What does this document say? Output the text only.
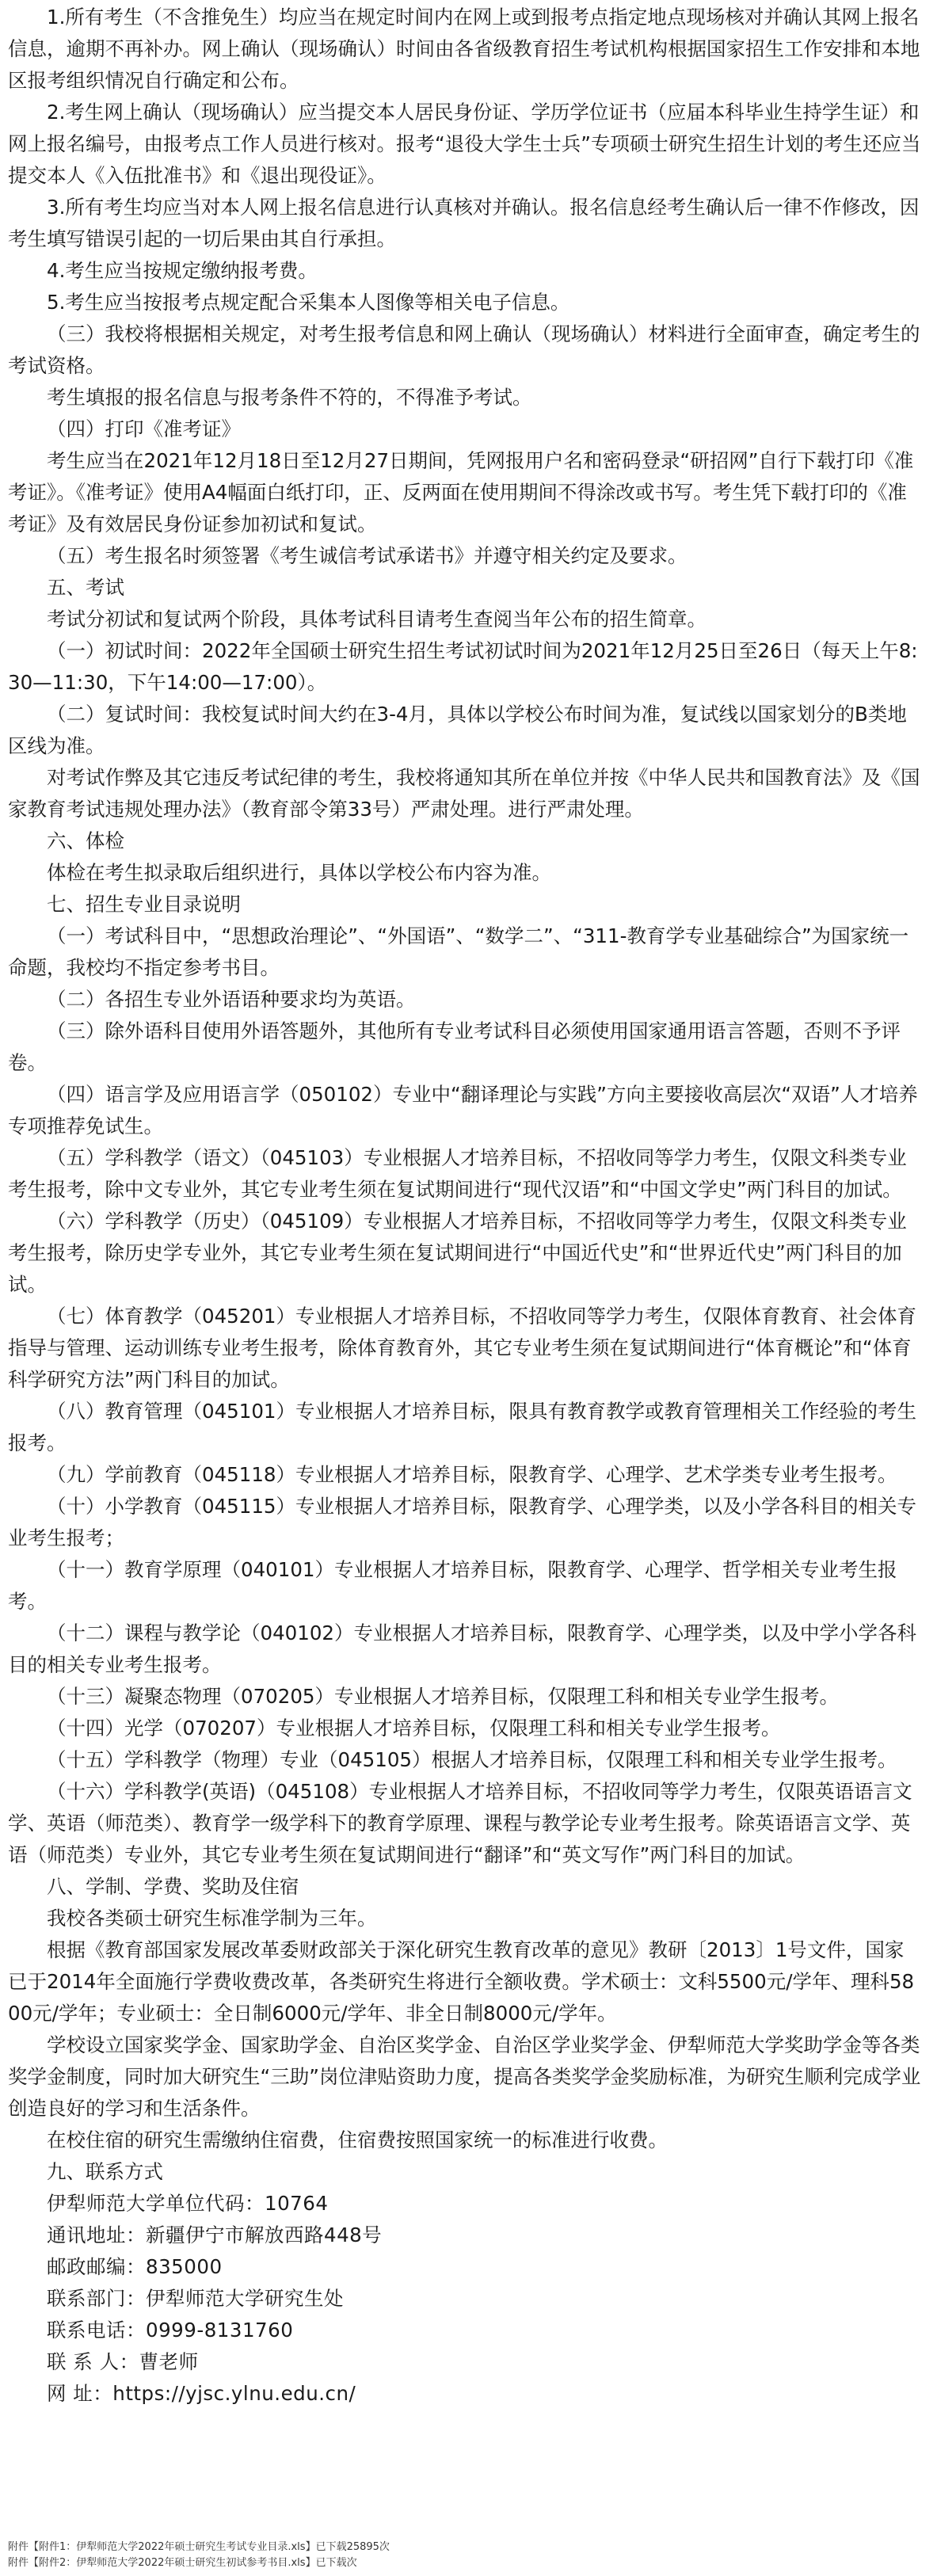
1.所有考生（不含推免生）均应当在规定时间内在网上或到报考点指定地点现场核对并确认其网上报名信息，逾期不再补办。网上确认（现场确认）时间由各省级教育招生考试机构根据国家招生工作安排和本地区报考组织情况自行确定和公布。

2.考生网上确认（现场确认）应当提交本人居民身份证、学历学位证书（应届本科毕业生持学生证）和网上报名编号，由报考点工作人员进行核对。报考“退役大学生士兵”专项硕士研究生招生计划的考生还应当提交本人《入伍批准书》和《退出现役证》。

3.所有考生均应当对本人网上报名信息进行认真核对并确认。报名信息经考生确认后一律不作修改，因考生填写错误引起的一切后果由其自行承担。

4.考生应当按规定缴纳报考费。

5.考生应当按报考点规定配合采集本人图像等相关电子信息。

（三）我校将根据相关规定，对考生报考信息和网上确认（现场确认）材料进行全面审查，确定考生的考试资格。

考生填报的报名信息与报考条件不符的，不得准予考试。

（四）打印《准考证》

考生应当在2021年12月18日至12月27日期间，凭网报用户名和密码登录“研招网”自行下载打印《准考证》。《准考证》使用A4幅面白纸打印，正、反两面在使用期间不得涂改或书写。考生凭下载打印的《准考证》及有效居民身份证参加初试和复试。

（五）考生报名时须签署《考生诚信考试承诺书》并遵守相关约定及要求。

五、考试

考试分初试和复试两个阶段，具体考试科目请考生查阅当年公布的招生简章。

（一）初试时间：2022年全国硕士研究生招生考试初试时间为2021年12月25日至26日（每天上午8:30—11:30，下午14:00—17:00）。

（二）复试时间：我校复试时间大约在3-4月，具体以学校公布时间为准，复试线以国家划分的B类地区线为准。

对考试作弊及其它违反考试纪律的考生，我校将通知其所在单位并按《中华人民共和国教育法》及《国家教育考试违规处理办法》（教育部令第33号）严肃处理。进行严肃处理。

六、体检

体检在考生拟录取后组织进行，具体以学校公布内容为准。

七、招生专业目录说明

（一）考试科目中，“思想政治理论”、“外国语”、“数学二”、“311-教育学专业基础综合”为国家统一命题，我校均不指定参考书目。

（二）各招生专业外语语种要求均为英语。

（三）除外语科目使用外语答题外，其他所有专业考试科目必须使用国家通用语言答题，否则不予评卷。

（四）语言学及应用语言学（050102）专业中“翻译理论与实践”方向主要接收高层次“双语”人才培养专项推荐免试生。

（五）学科教学（语文）（045103）专业根据人才培养目标，不招收同等学力考生，仅限文科类专业考生报考，除中文专业外，其它专业考生须在复试期间进行“现代汉语”和“中国文学史”两门科目的加试。

（六）学科教学（历史）（045109）专业根据人才培养目标，不招收同等学力考生，仅限文科类专业考生报考，除历史学专业外，其它专业考生须在复试期间进行“中国近代史”和“世界近代史”两门科目的加试。

（七）体育教学（045201）专业根据人才培养目标，不招收同等学力考生，仅限体育教育、社会体育指导与管理、运动训练专业考生报考，除体育教育外，其它专业考生须在复试期间进行“体育概论”和“体育科学研究方法”两门科目的加试。

（八）教育管理（045101）专业根据人才培养目标，限具有教育教学或教育管理相关工作经验的考生报考。

（九）学前教育（045118）专业根据人才培养目标，限教育学、心理学、艺术学类专业考生报考。

（十）小学教育（045115）专业根据人才培养目标，限教育学、心理学类，以及小学各科目的相关专业考生报考；

（十一）教育学原理（040101）专业根据人才培养目标，限教育学、心理学、哲学相关专业考生报考。

（十二）课程与教学论（040102）专业根据人才培养目标，限教育学、心理学类，以及中学小学各科目的相关专业考生报考。

（十三）凝聚态物理（070205）专业根据人才培养目标，仅限理工科和相关专业学生报考。

（十四）光学（070207）专业根据人才培养目标，仅限理工科和相关专业学生报考。

（十五）学科教学（物理）专业（045105）根据人才培养目标，仅限理工科和相关专业学生报考。

（十六）学科教学(英语)（045108）专业根据人才培养目标，不招收同等学力考生，仅限英语语言文学、英语（师范类）、教育学一级学科下的教育学原理、课程与教学论专业考生报考。除英语语言文学、英语（师范类）专业外，其它专业考生须在复试期间进行“翻译”和“英文写作”两门科目的加试。

八、学制、学费、奖助及住宿

我校各类硕士研究生标准学制为三年。

根据《教育部国家发展改革委财政部关于深化研究生教育改革的意见》教研〔2013〕1号文件，国家已于2014年全面施行学费收费改革，各类研究生将进行全额收费。学术硕士：文科5500元/学年、理科5800元/学年；专业硕士：全日制6000元/学年、非全日制8000元/学年。

学校设立国家奖学金、国家助学金、自治区奖学金、自治区学业奖学金、伊犁师范大学奖助学金等各类奖学金制度，同时加大研究生“三助”岗位津贴资助力度，提高各类奖学金奖励标准，为研究生顺利完成学业创造良好的学习和生活条件。

在校住宿的研究生需缴纳住宿费，住宿费按照国家统一的标准进行收费。

九、联系方式

伊犁师范大学单位代码：10764

通讯地址：新疆伊宁市解放西路448号

邮政邮编：835000

联系部门：伊犁师范大学研究生处

联系电话：0999-8131760

联 系 人：曹老师

网 址：https://yjsc.ylnu.edu.cn/

附件【附件1：伊犁师范大学2022年硕士研究生考试专业目录.xls】已下载25895次
附件【附件2：伊犁师范大学2022年硕士研究生初试参考书目.xls】已下载次
